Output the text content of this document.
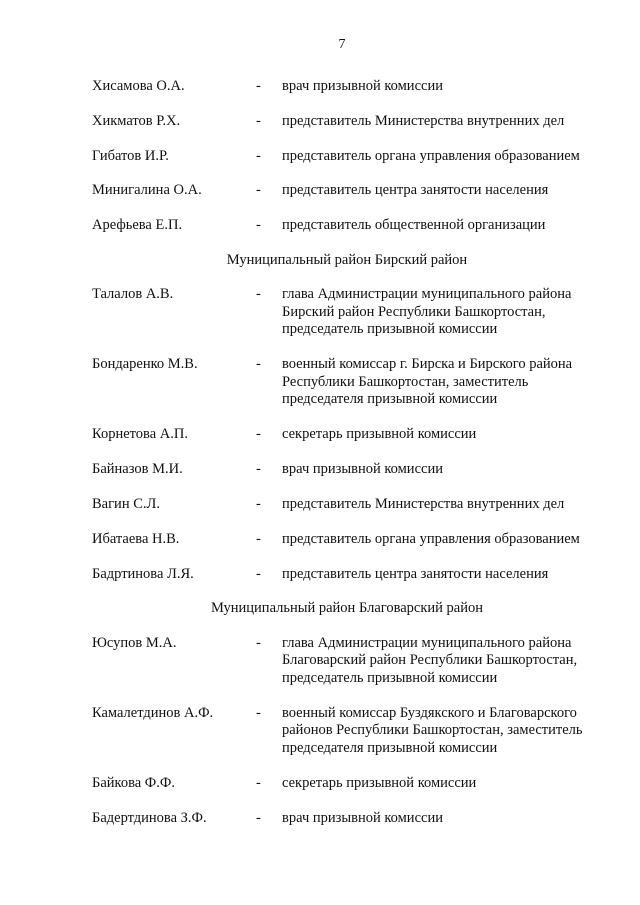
7
Хисамова О.А.	-	врач призывной комиссии
Хикматов Р.Х.	-	представитель Министерства внутренних дел
Гибатов И.Р.	-	представитель органа управления образованием
Минигалина О.А.	-	представитель центра занятости населения
Арефьева Е.П.	-	представитель общественной организации
Муниципальный район Бирский район
Талалов А.В.	-	глава Администрации муниципального района
Бирский район Республики Башкортостан,
председатель призывной комиссии
Бондаренко М.В.	-	военный комиссар г. Бирска и Бирского района
Республики Башкортостан, заместитель
председателя призывной комиссии
Корнетова А.П.	-	секретарь призывной комиссии
Байназов М.И.	-	врач призывной комиссии
Вагин С.Л.	-	представитель Министерства внутренних дел
Ибатаева Н.В.	-	представитель органа управления образованием
Бадртинова Л.Я.	-	представитель центра занятости населения
Муниципальный район Благоварский район
Юсупов М.А.	-	глава Администрации муниципального района
Благоварский район Республики Башкортостан,
председатель призывной комиссии
Камалетдинов А.Ф.	-	военный комиссар Буздякского и Благоварского
районов Республики Башкортостан, заместитель
председателя призывной комиссии
Байкова Ф.Ф.	-	секретарь призывной комиссии
Бадертдинова З.Ф.	-	врач призывной комиссии
